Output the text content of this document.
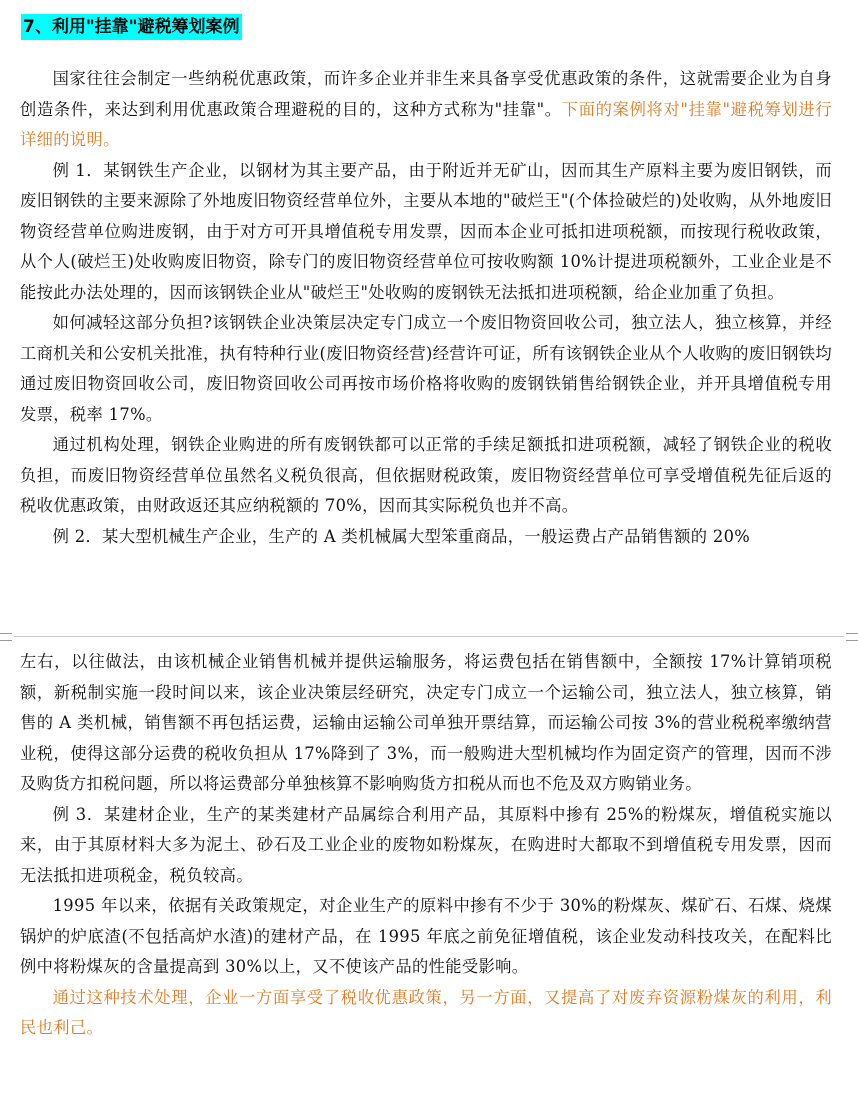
7、利用"挂靠"避税筹划案例

国家往往会制定一些纳税优惠政策，而许多企业并非生来具备享受优惠政策的条件，这就需要企业为自身创造条件，来达到利用优惠政策合理避税的目的，这种方式称为"挂靠"。下面的案例将对"挂靠"避税筹划进行详细的说明。

例 1．某钢铁生产企业，以钢材为其主要产品，由于附近并无矿山，因而其生产原料主要为废旧钢铁，而废旧钢铁的主要来源除了外地废旧物资经营单位外，主要从本地的"破烂王"(个体捡破烂的)处收购，从外地废旧物资经营单位购进废钢，由于对方可开具增值税专用发票，因而本企业可抵扣进项税额，而按现行税收政策，从个人(破烂王)处收购废旧物资，除专门的废旧物资经营单位可按收购额 10%计提进项税额外，工业企业是不能按此办法处理的，因而该钢铁企业从"破烂王"处收购的废钢铁无法抵扣进项税额，给企业加重了负担。

如何减轻这部分负担?该钢铁企业决策层决定专门成立一个废旧物资回收公司，独立法人，独立核算，并经工商机关和公安机关批准，执有特种行业(废旧物资经营)经营许可证，所有该钢铁企业从个人收购的废旧钢铁均通过废旧物资回收公司，废旧物资回收公司再按市场价格将收购的废钢铁销售给钢铁企业，并开具增值税专用发票，税率 17%。

通过机构处理，钢铁企业购进的所有废钢铁都可以正常的手续足额抵扣进项税额，减轻了钢铁企业的税收负担，而废旧物资经营单位虽然名义税负很高，但依据财税政策，废旧物资经营单位可享受增值税先征后返的税收优惠政策，由财政返还其应纳税额的 70%，因而其实际税负也并不高。

例 2．某大型机械生产企业，生产的 A 类机械属大型笨重商品，一般运费占产品销售额的 20%

左右，以往做法，由该机械企业销售机械并提供运输服务，将运费包括在销售额中，全额按 17%计算销项税额，新税制实施一段时间以来，该企业决策层经研究，决定专门成立一个运输公司，独立法人，独立核算，销售的 A 类机械，销售额不再包括运费，运输由运输公司单独开票结算，而运输公司按 3%的营业税税率缴纳营业税，使得这部分运费的税收负担从 17%降到了 3%，而一般购进大型机械均作为固定资产的管理，因而不涉及购货方扣税问题，所以将运费部分单独核算不影响购货方扣税从而也不危及双方购销业务。

例 3．某建材企业，生产的某类建材产品属综合利用产品，其原料中掺有 25%的粉煤灰，增值税实施以来，由于其原材料大多为泥土、砂石及工业企业的废物如粉煤灰，在购进时大都取不到增值税专用发票，因而无法抵扣进项税金，税负较高。

1995 年以来，依据有关政策规定，对企业生产的原料中掺有不少于 30%的粉煤灰、煤矿石、石煤、烧煤锅炉的炉底渣(不包括高炉水渣)的建材产品，在 1995 年底之前免征增值税，该企业发动科技攻关，在配料比例中将粉煤灰的含量提高到 30%以上，又不使该产品的性能受影响。

通过这种技术处理，企业一方面享受了税收优惠政策，另一方面，又提高了对废弃资源粉煤灰的利用，利民也利己。
